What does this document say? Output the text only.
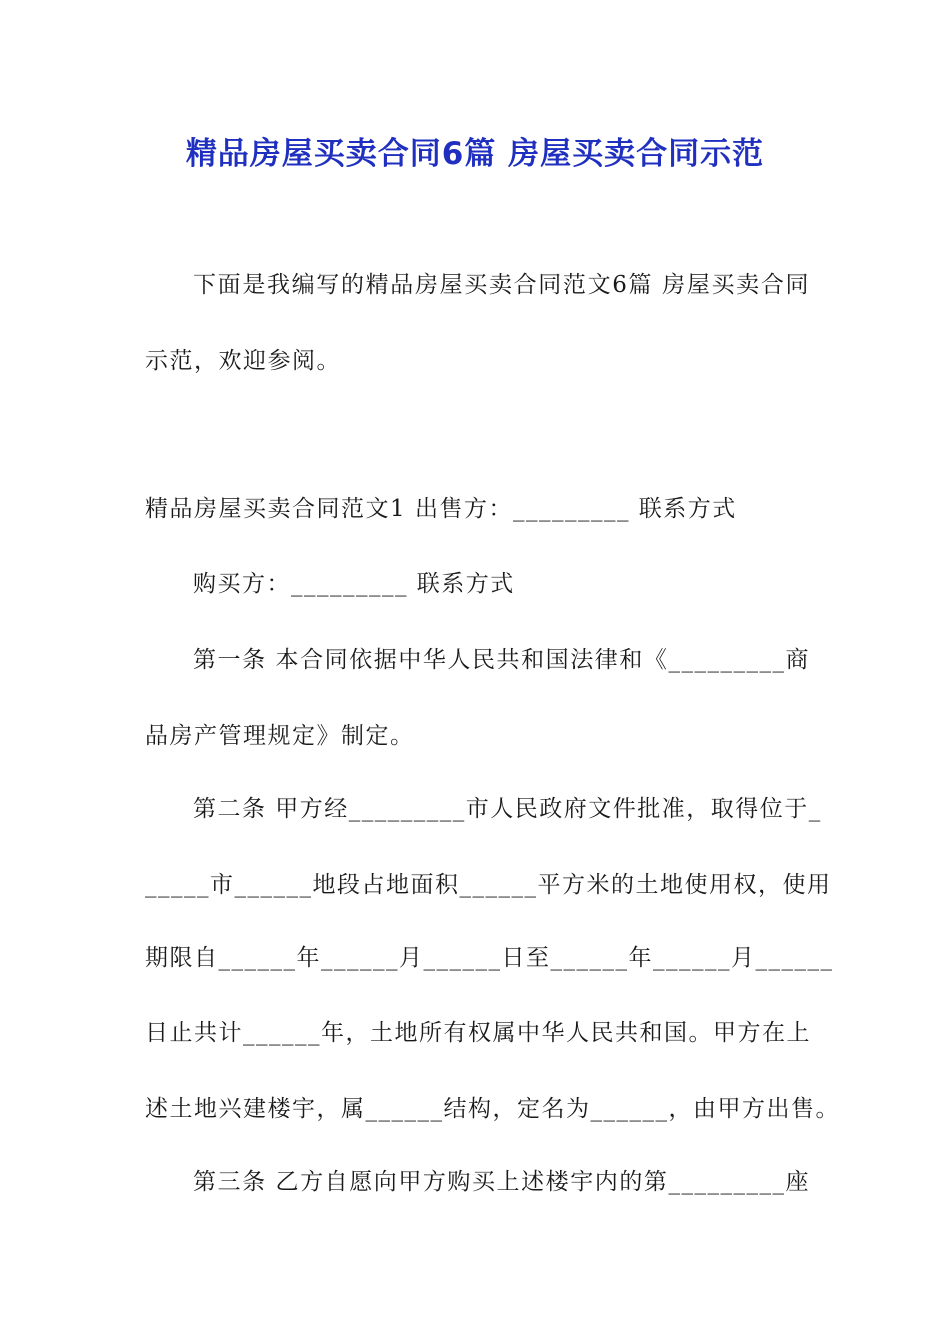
精品房屋买卖合同6篇 房屋买卖合同示范

下面是我编写的精品房屋买卖合同范文6篇 房屋买卖合同

示范，欢迎参阅。

精品房屋买卖合同范文1 出售方：_________ 联系方式

购买方：_________ 联系方式

第一条 本合同依据中华人民共和国法律和《_________商

品房产管理规定》制定。

第二条 甲方经_________市人民政府文件批准，取得位于_

_____市______地段占地面积______平方米的土地使用权，使用

期限自______年______月______日至______年______月______

日止共计______年，土地所有权属中华人民共和国。甲方在上

述土地兴建楼宇，属______结构，定名为______，由甲方出售。

第三条 乙方自愿向甲方购买上述楼宇内的第_________座
